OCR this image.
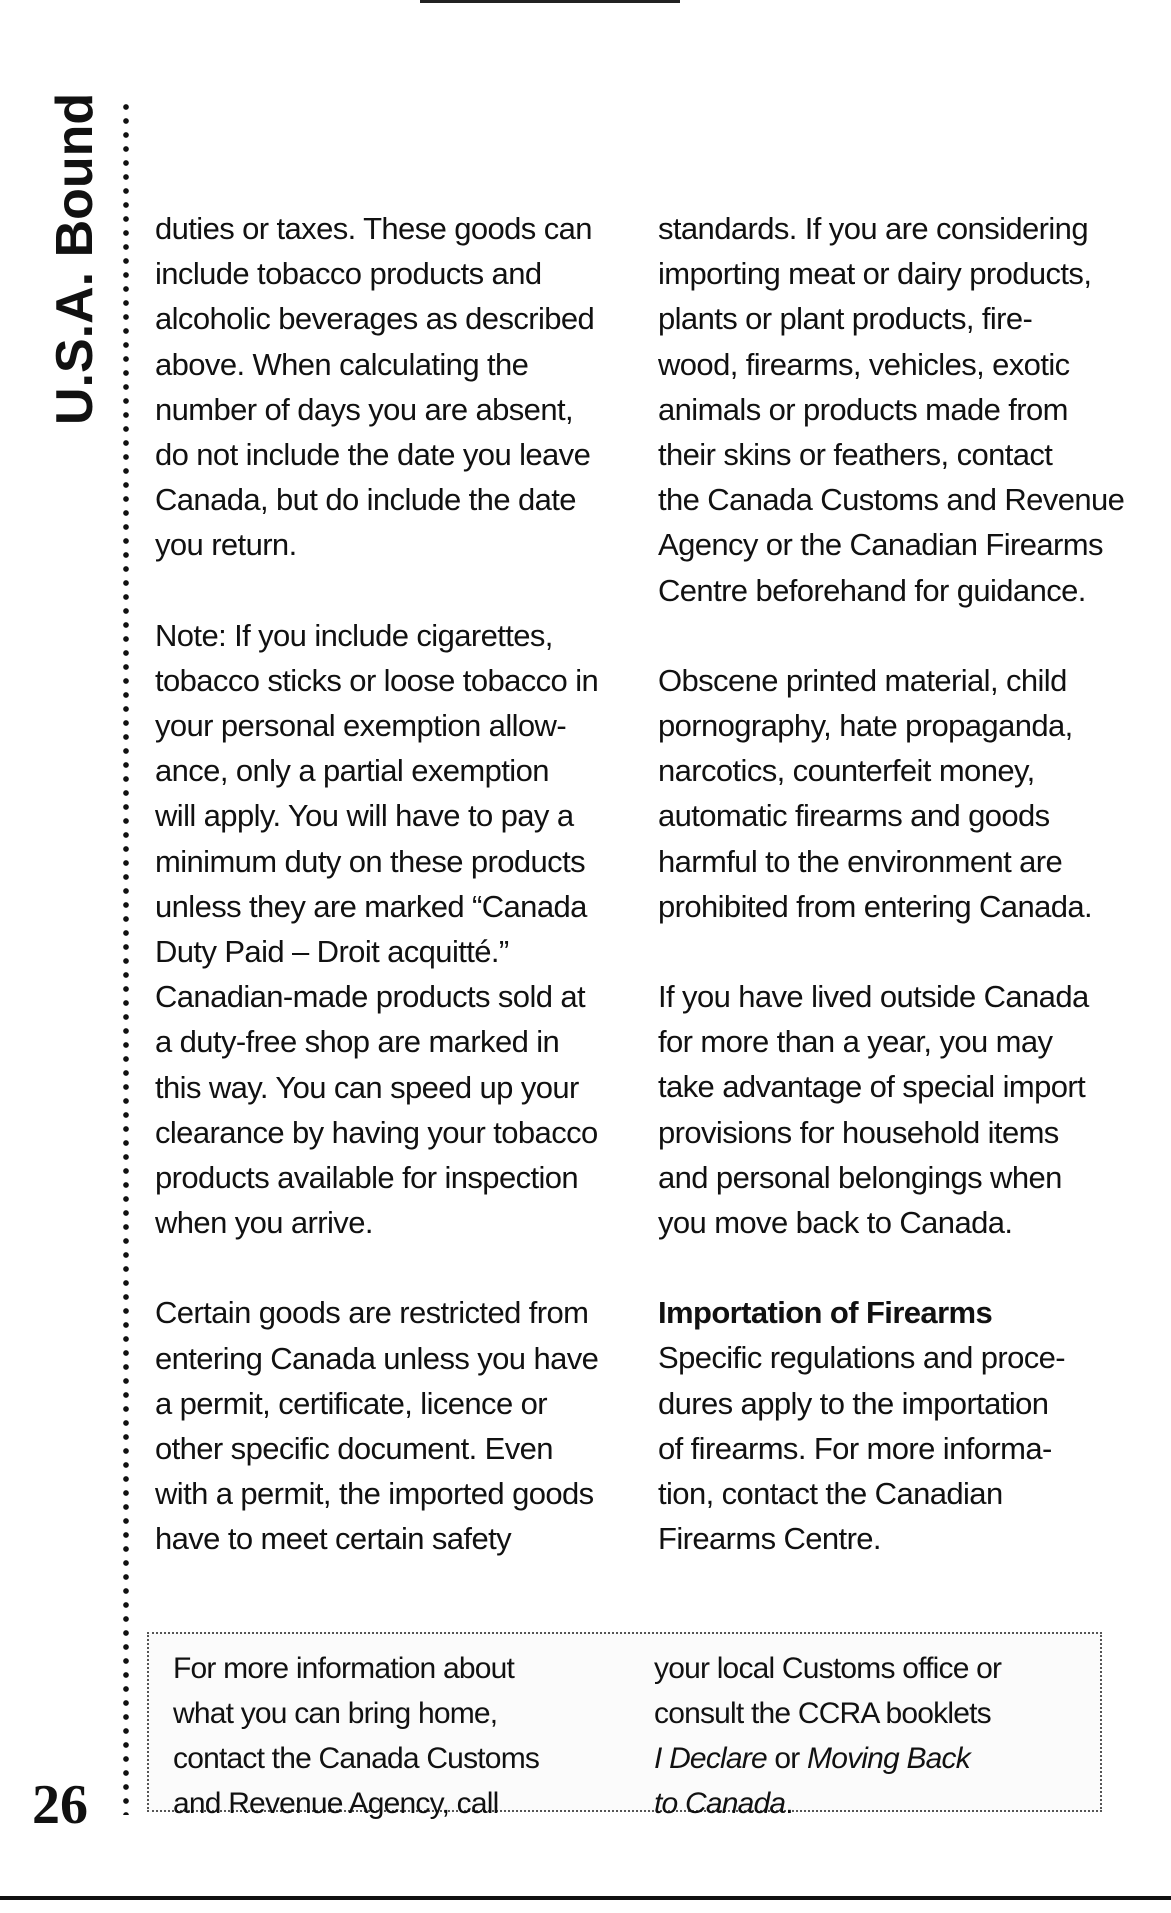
U.S.A. Bound
26

duties or taxes. These goods can
include tobacco products and
alcoholic beverages as described
above. When calculating the
number of days you are absent,
do not include the date you leave
Canada, but do include the date
you return.

Note: If you include cigarettes,
tobacco sticks or loose tobacco in
your personal exemption allow-
ance, only a partial exemption
will apply. You will have to pay a
minimum duty on these products
unless they are marked “Canada
Duty Paid – Droit acquitté.”
Canadian-made products sold at
a duty-free shop are marked in
this way. You can speed up your
clearance by having your tobacco
products available for inspection
when you arrive.

Certain goods are restricted from
entering Canada unless you have
a permit, certificate, licence or
other specific document. Even
with a permit, the imported goods
have to meet certain safety

standards. If you are considering
importing meat or dairy products,
plants or plant products, fire-
wood, firearms, vehicles, exotic
animals or products made from
their skins or feathers, contact
the Canada Customs and Revenue
Agency or the Canadian Firearms
Centre beforehand for guidance.

Obscene printed material, child
pornography, hate propaganda,
narcotics, counterfeit money,
automatic firearms and goods
harmful to the environment are
prohibited from entering Canada.

If you have lived outside Canada
for more than a year, you may
take advantage of special import
provisions for household items
and personal belongings when
you move back to Canada.

Importation of Firearms

Specific regulations and proce-
dures apply to the importation
of firearms. For more informa-
tion, contact the Canadian
Firearms Centre.

For more information about
what you can bring home,
contact the Canada Customs
and Revenue Agency, call
your local Customs office or
consult the CCRA booklets
I Declare or Moving Back
to Canada.
